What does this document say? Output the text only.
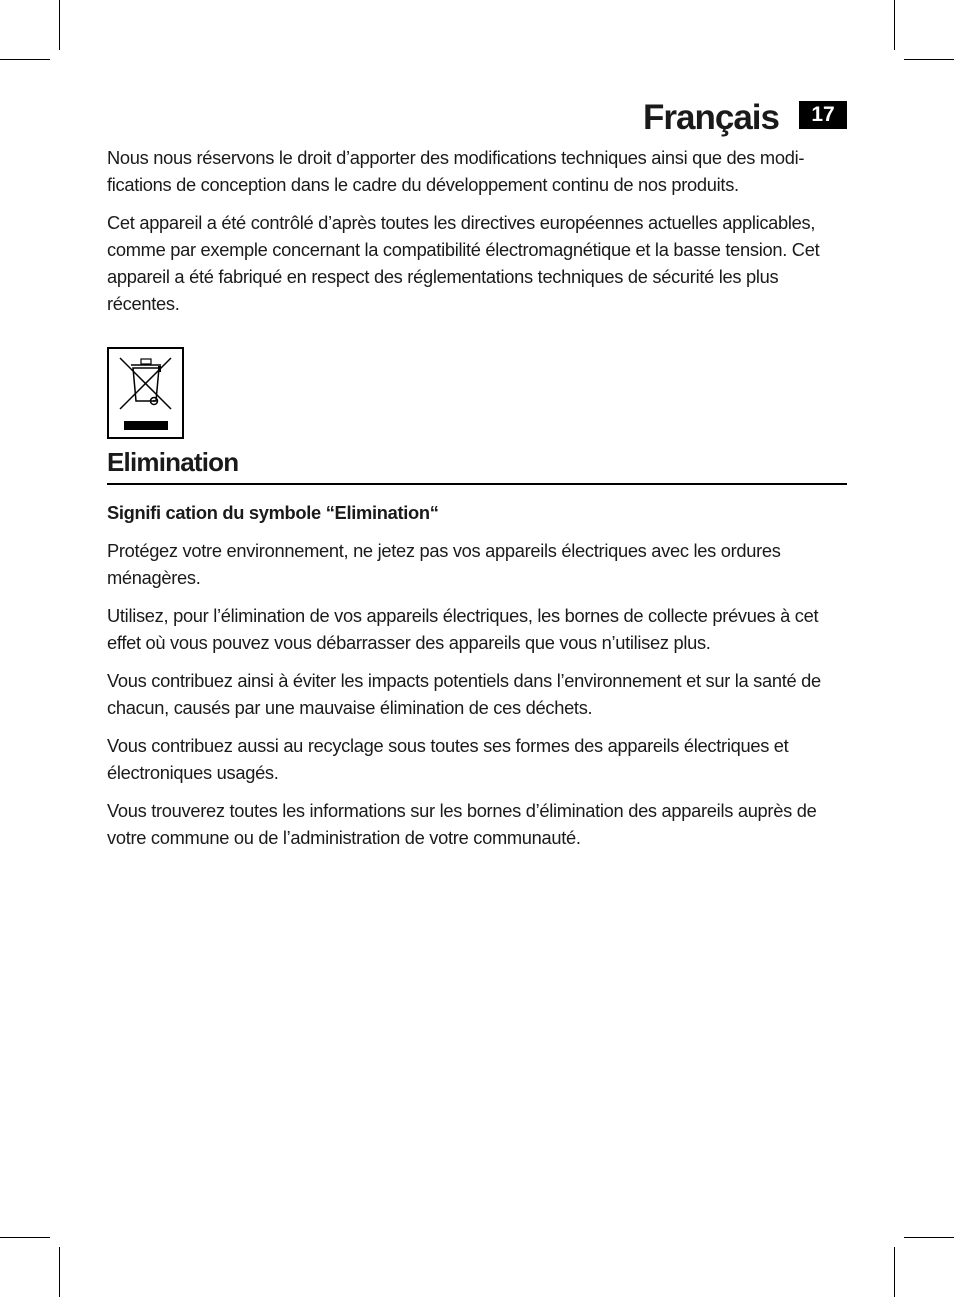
Français	17

Nous nous réservons le droit d’apporter des modifications techniques ainsi que des modi-fications de conception dans le cadre du développement continu de nos produits.

Cet appareil a été contrôlé d’après toutes les directives européennes actuelles applicables, comme par exemple concernant la compatibilité électromagnétique et la basse tension. Cet appareil a été fabriqué en respect des réglementations techniques de sécurité les plus récentes.

Elimination
Signifi cation du symbole “Elimination“

Protégez votre environnement, ne jetez pas vos appareils électriques avec les ordures ménagères.

Utilisez, pour l’élimination de vos appareils électriques, les bornes de collecte prévues à cet effet où vous pouvez vous débarrasser des appareils que vous n’utilisez plus.

Vous contribuez ainsi à éviter les impacts potentiels dans l’environnement et sur la santé de chacun, causés par une mauvaise élimination de ces déchets.

Vous contribuez aussi au recyclage sous toutes ses formes des appareils électriques et électroniques usagés.

Vous trouverez toutes les informations sur les bornes d’élimination des appareils auprès de votre commune ou de l’administration de votre communauté.
